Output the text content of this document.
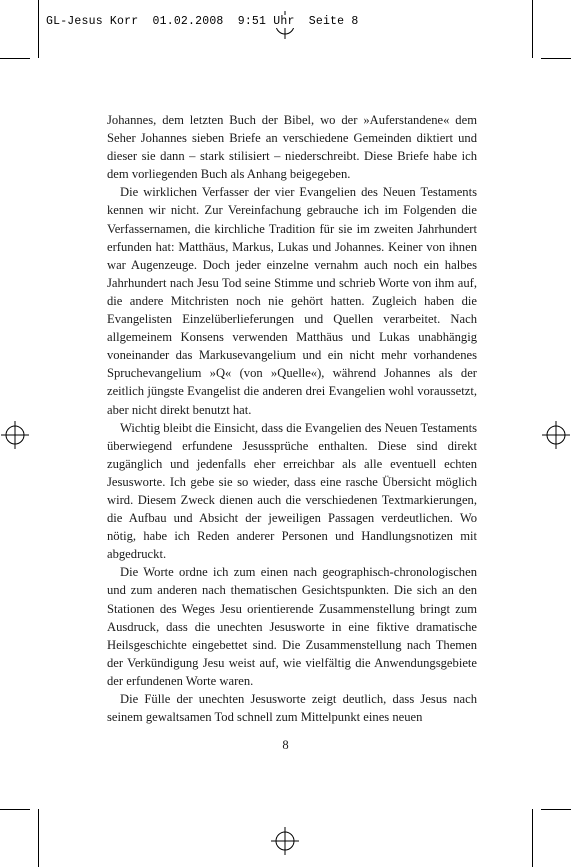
GL-Jesus Korr  01.02.2008  9:51 Uhr  Seite 8

Johannes, dem letzten Buch der Bibel, wo der »Auferstandene« dem Seher Johannes sieben Briefe an verschiedene Gemeinden diktiert und dieser sie dann – stark stilisiert – niederschreibt. Diese Briefe habe ich dem vorliegenden Buch als Anhang beigegeben.

Die wirklichen Verfasser der vier Evangelien des Neuen Testaments kennen wir nicht. Zur Vereinfachung gebrauche ich im Folgenden die Verfassernamen, die kirchliche Tradition für sie im zweiten Jahrhundert erfunden hat: Matthäus, Markus, Lukas und Johannes. Keiner von ihnen war Augenzeuge. Doch jeder einzelne vernahm auch noch ein halbes Jahrhundert nach Jesu Tod seine Stimme und schrieb Worte von ihm auf, die andere Mitchristen noch nie gehört hatten. Zugleich haben die Evangelisten Einzelüberlieferungen und Quellen verarbeitet. Nach allgemeinem Konsens verwenden Matthäus und Lukas unabhängig voneinander das Markusevangelium und ein nicht mehr vorhandenes Spruchevangelium »Q« (von »Quelle«), während Johannes als der zeitlich jüngste Evangelist die anderen drei Evangelien wohl voraussetzt, aber nicht direkt benutzt hat.

Wichtig bleibt die Einsicht, dass die Evangelien des Neuen Testaments überwiegend erfundene Jesussprüche enthalten. Diese sind direkt zugänglich und jedenfalls eher erreichbar als alle eventuell echten Jesusworte. Ich gebe sie so wieder, dass eine rasche Übersicht möglich wird. Diesem Zweck dienen auch die verschiedenen Textmarkierungen, die Aufbau und Absicht der jeweiligen Passagen verdeutlichen. Wo nötig, habe ich Reden anderer Personen und Handlungsnotizen mit abgedruckt.

Die Worte ordne ich zum einen nach geographisch-chronologischen und zum anderen nach thematischen Gesichtspunkten. Die sich an den Stationen des Weges Jesu orientierende Zusammenstellung bringt zum Ausdruck, dass die unechten Jesusworte in eine fiktive dramatische Heilsgeschichte eingebettet sind. Die Zusammenstellung nach Themen der Verkündigung Jesu weist auf, wie vielfältig die Anwendungsgebiete der erfundenen Worte waren.

Die Fülle der unechten Jesusworte zeigt deutlich, dass Jesus nach seinem gewaltsamen Tod schnell zum Mittelpunkt eines neuen

8
